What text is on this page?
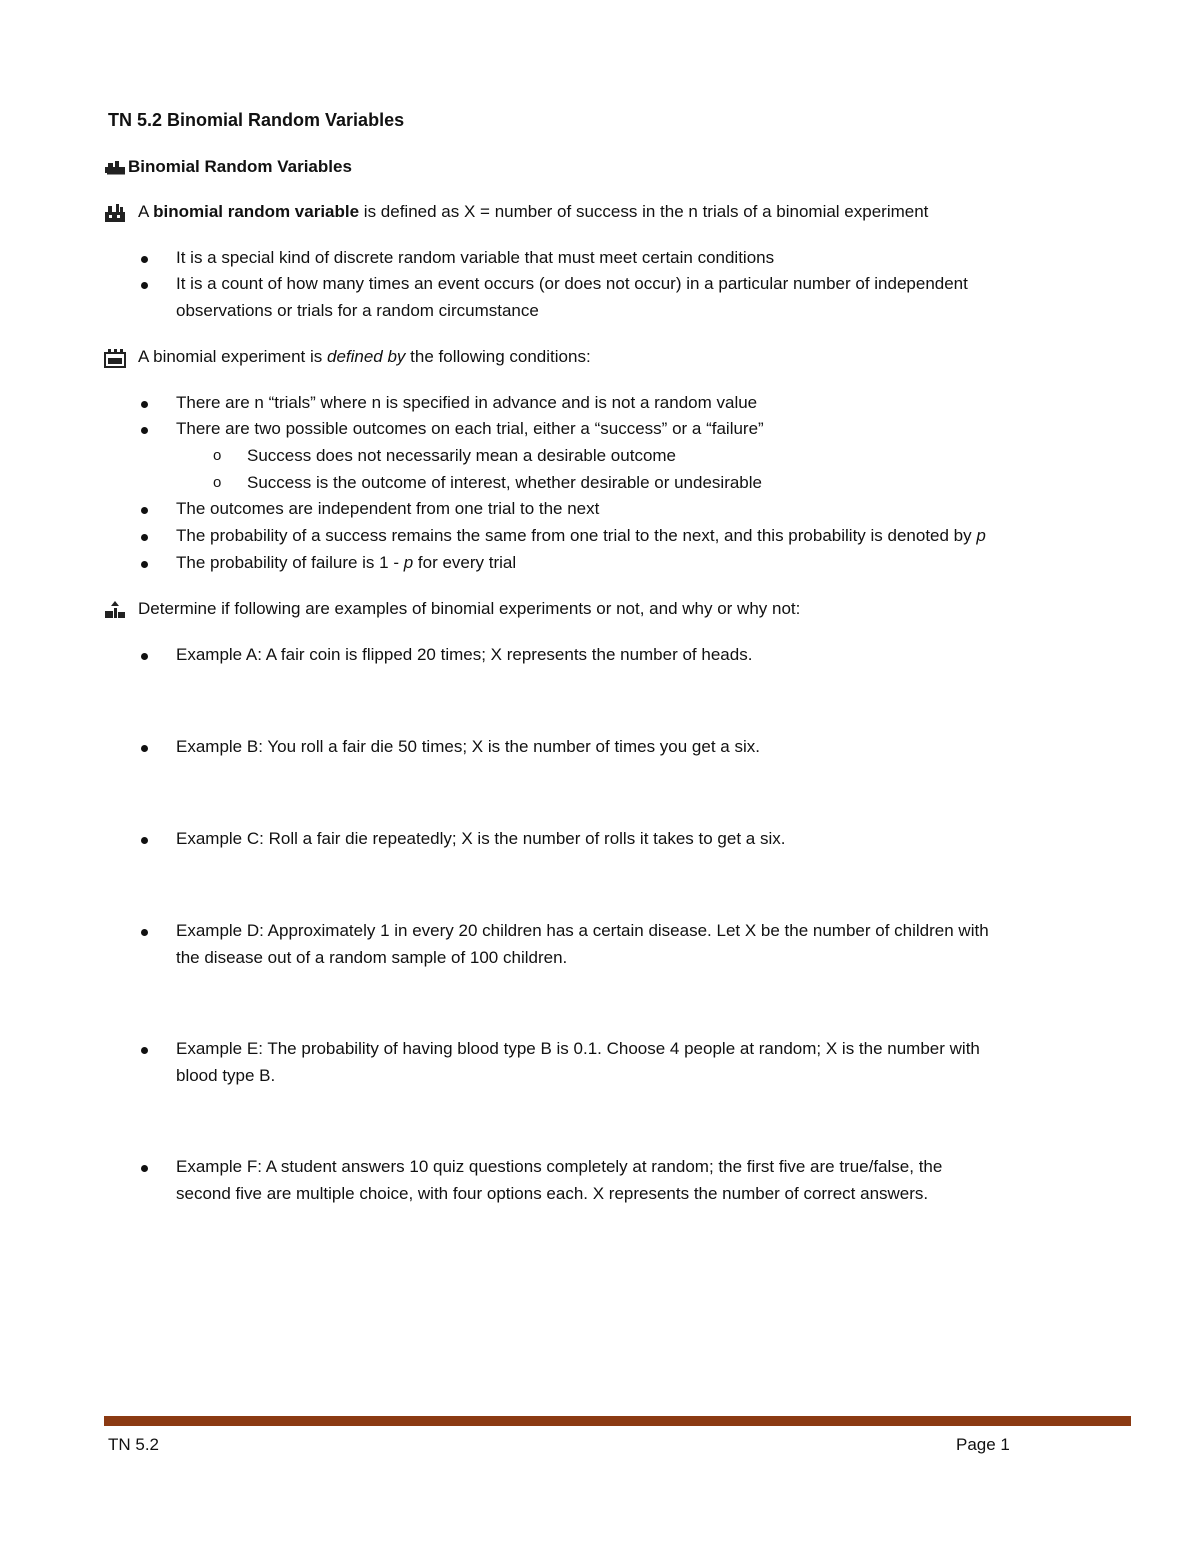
TN 5.2 Binomial Random Variables
Binomial Random Variables
A binomial random variable is defined as X = number of success in the n trials of a binomial experiment
It is a special kind of discrete random variable that must meet certain conditions
It is a count of how many times an event occurs (or does not occur) in a particular number of independent
observations or trials for a random circumstance
A binomial experiment is defined by the following conditions:
There are n “trials” where n is specified in advance and is not a random value
There are two possible outcomes on each trial, either a “success” or a “failure”
o Success does not necessarily mean a desirable outcome
o Success is the outcome of interest, whether desirable or undesirable
The outcomes are independent from one trial to the next
The probability of a success remains the same from one trial to the next, and this probability is denoted by p
The probability of failure is 1 - p for every trial
Determine if following are examples of binomial experiments or not, and why or why not:
Example A: A fair coin is flipped 20 times; X represents the number of heads.
Example B: You roll a fair die 50 times; X is the number of times you get a six.
Example C: Roll a fair die repeatedly; X is the number of rolls it takes to get a six.
Example D: Approximately 1 in every 20 children has a certain disease. Let X be the number of children with
the disease out of a random sample of 100 children.
Example E: The probability of having blood type B is 0.1. Choose 4 people at random; X is the number with
blood type B.
Example F: A student answers 10 quiz questions completely at random; the first five are true/false, the
second five are multiple choice, with four options each. X represents the number of correct answers.
TN 5.2	Page 1
